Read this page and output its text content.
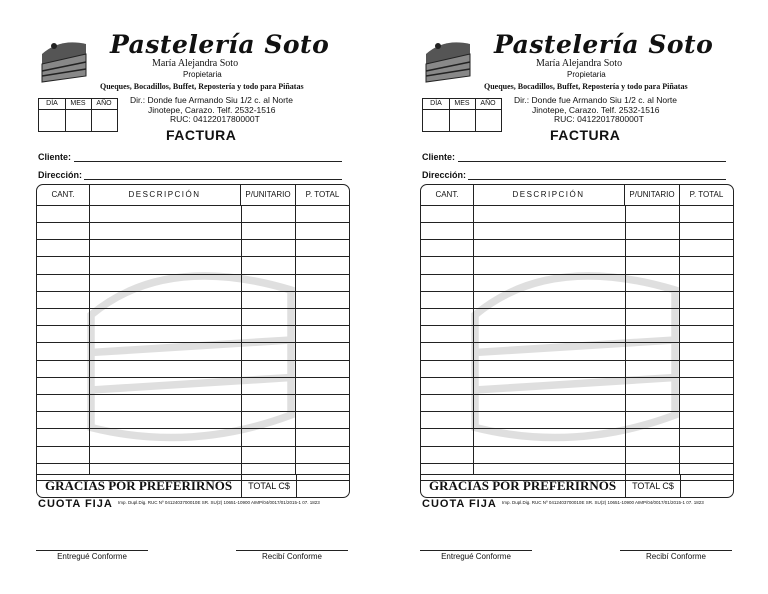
Pastelería Soto
María Alejandra Soto
Propietaria
Queques, Bocadillos, Buffet, Repostería y todo para Piñatas
Dir.: Donde fue Armando Siu 1/2 c. al Norte
Jinotepe, Carazo. Telf. 2532-1516
RUC: 0412201780000T
DÍA	MES	AÑO
FACTURA
Cliente:
Dirección:
CANT.	DESCRIPCIÓN	P/UNITARIO	P. TOTAL
GRACIAS POR PREFERIRNOS	TOTAL C$
CUOTA FIJA Imp. Dupl.Dig. RUC Nº 0412403700010E SR. SU(2) 10651-10900 AIMP/04/0017/01/2015-1 07. 1823
Entregué Conforme	Recibí Conforme
Pastelería Soto
María Alejandra Soto
Propietaria
Queques, Bocadillos, Buffet, Repostería y todo para Piñatas
Dir.: Donde fue Armando Siu 1/2 c. al Norte
Jinotepe, Carazo. Telf. 2532-1516
RUC: 0412201780000T
DÍA	MES	AÑO
FACTURA
Cliente:
Dirección:
CANT.	DESCRIPCIÓN	P/UNITARIO	P. TOTAL
GRACIAS POR PREFERIRNOS	TOTAL C$
CUOTA FIJA Imp. Dupl.Dig. RUC Nº 0412403700010E SR. SU(2) 10651-10900 AIMP/04/0017/01/2015-1 07. 1823
Entregué Conforme	Recibí Conforme
